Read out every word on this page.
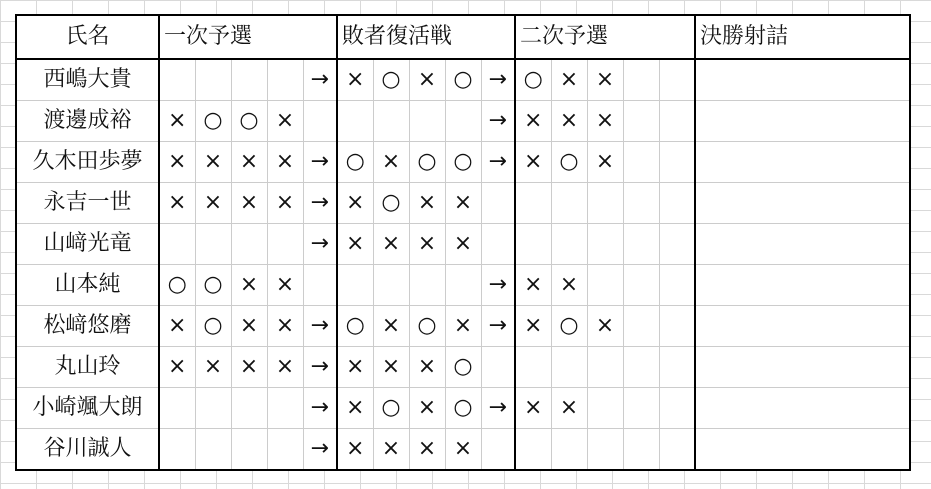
氏名	一次予選					敗者復活戦					二次予選					決勝射詰
西嶋大貴					→	×	○	×	○	→	○	×	×			
渡邊成裕	×	○	○	×						→	×	×	×			
久木田歩夢	×	×	×	×	→	○	×	○	○	→	×	○	×			
永吉一世	×	×	×	×	→	×	○	×	×							
山﨑光竜					→	×	×	×	×							
山本純	○	○	×	×						→	×	×				
松﨑悠磨	×	○	×	×	→	○	×	○	×	→	×	○	×			
丸山玲	×	×	×	×	→	×	×	×	○							
小崎颯大朗					→	×	○	×	○	→	×	×				
谷川誠人					→	×	×	×	×							
